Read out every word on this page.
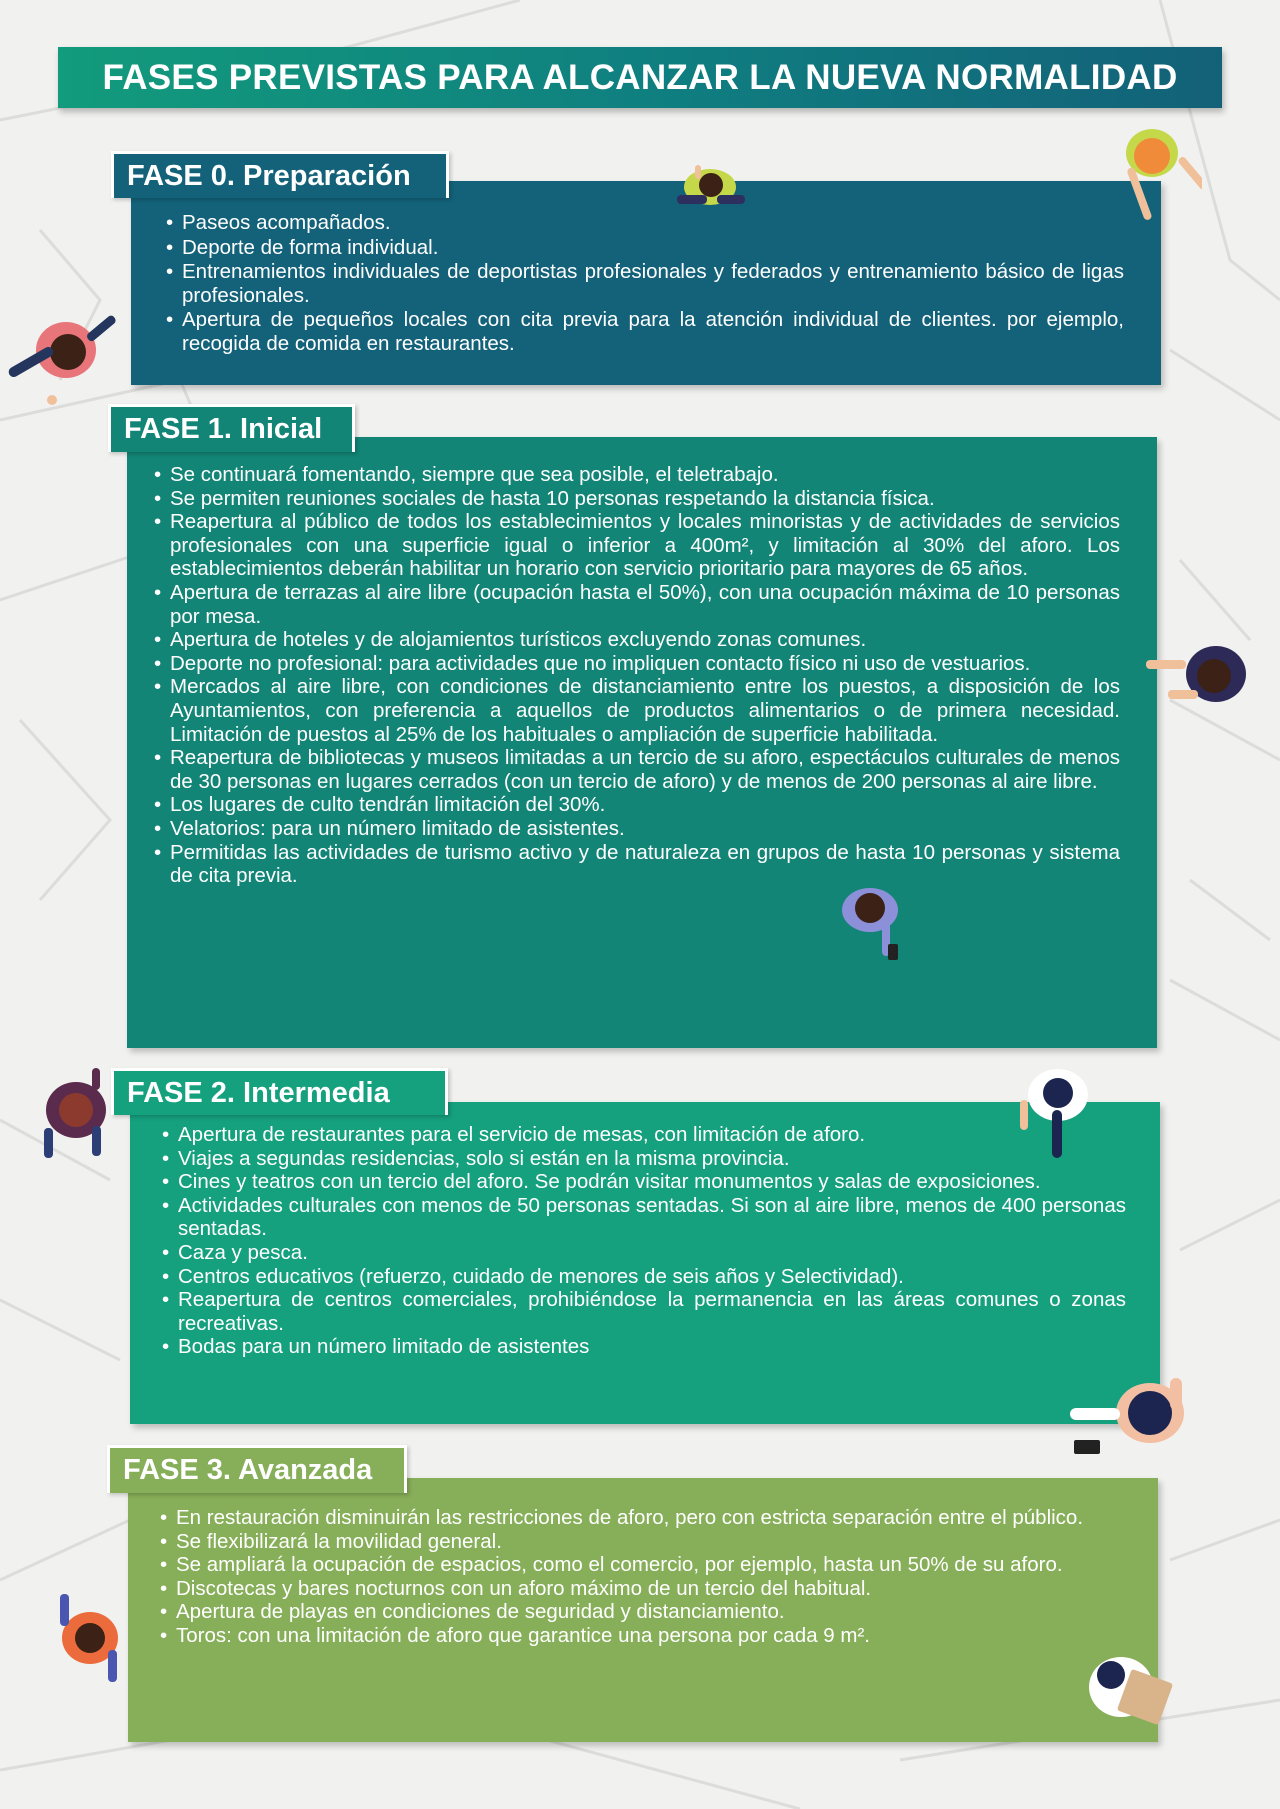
FASES PREVISTAS PARA ALCANZAR LA NUEVA NORMALIDAD
• Paseos acompañados.
• Deporte de forma individual.
• Entrenamientos individuales de deportistas profesionales y federados y entrenamiento básico de ligas profesionales.
• Apertura de pequeños locales con cita previa para la atención individual de clientes. por ejemplo, recogida de comida en restaurantes.
FASE 0. Preparación
• Se continuará fomentando, siempre que sea posible, el teletrabajo.
• Se permiten reuniones sociales de hasta 10 personas respetando la distancia física.
• Reapertura al público de todos los establecimientos y locales minoristas y de actividades de servicios profesionales con una superficie igual o inferior a 400m², y limitación al 30% del aforo. Los establecimientos deberán habilitar un horario con servicio prioritario para mayores de 65 años.
• Apertura de terrazas al aire libre (ocupación hasta el 50%), con una ocupación máxima de 10 personas por mesa.
• Apertura de hoteles y de alojamientos turísticos excluyendo zonas comunes.
• Deporte no profesional: para actividades que no impliquen contacto físico ni uso de vestuarios.
• Mercados al aire libre, con condiciones de distanciamiento entre los puestos, a disposición de los Ayuntamientos, con preferencia a aquellos de productos alimentarios o de primera necesidad. Limitación de puestos al 25% de los habituales o ampliación de superficie habilitada.
• Reapertura de bibliotecas y museos limitadas a un tercio de su aforo, espectáculos culturales de menos de 30 personas en lugares cerrados (con un tercio de aforo) y de menos de 200 personas al aire libre.
• Los lugares de culto tendrán limitación del 30%.
• Velatorios: para un número limitado de asistentes.
• Permitidas las actividades de turismo activo y de naturaleza en grupos de hasta 10 personas y sistema de cita previa.
FASE 1. Inicial
• Apertura de restaurantes para el servicio de mesas, con limitación de aforo.
• Viajes a segundas residencias, solo si están en la misma provincia.
• Cines y teatros con un tercio del aforo. Se podrán visitar monumentos y salas de exposiciones.
• Actividades culturales con menos de 50 personas sentadas. Si son al aire libre, menos de 400 personas sentadas.
• Caza y pesca.
• Centros educativos (refuerzo, cuidado de menores de seis años y Selectividad).
• Reapertura de centros comerciales, prohibiéndose la permanencia en las áreas comunes o zonas recreativas.
• Bodas para un número limitado de asistentes
FASE 2. Intermedia
• En restauración disminuirán las restricciones de aforo, pero con estricta separación entre el público.
• Se flexibilizará la movilidad general.
• Se ampliará la ocupación de espacios, como el comercio, por ejemplo, hasta un 50% de su aforo.
• Discotecas y bares nocturnos con un aforo máximo de un tercio del habitual.
• Apertura de playas en condiciones de seguridad y distanciamiento.
• Toros: con una limitación de aforo que garantice una persona por cada 9 m².
FASE 3. Avanzada
